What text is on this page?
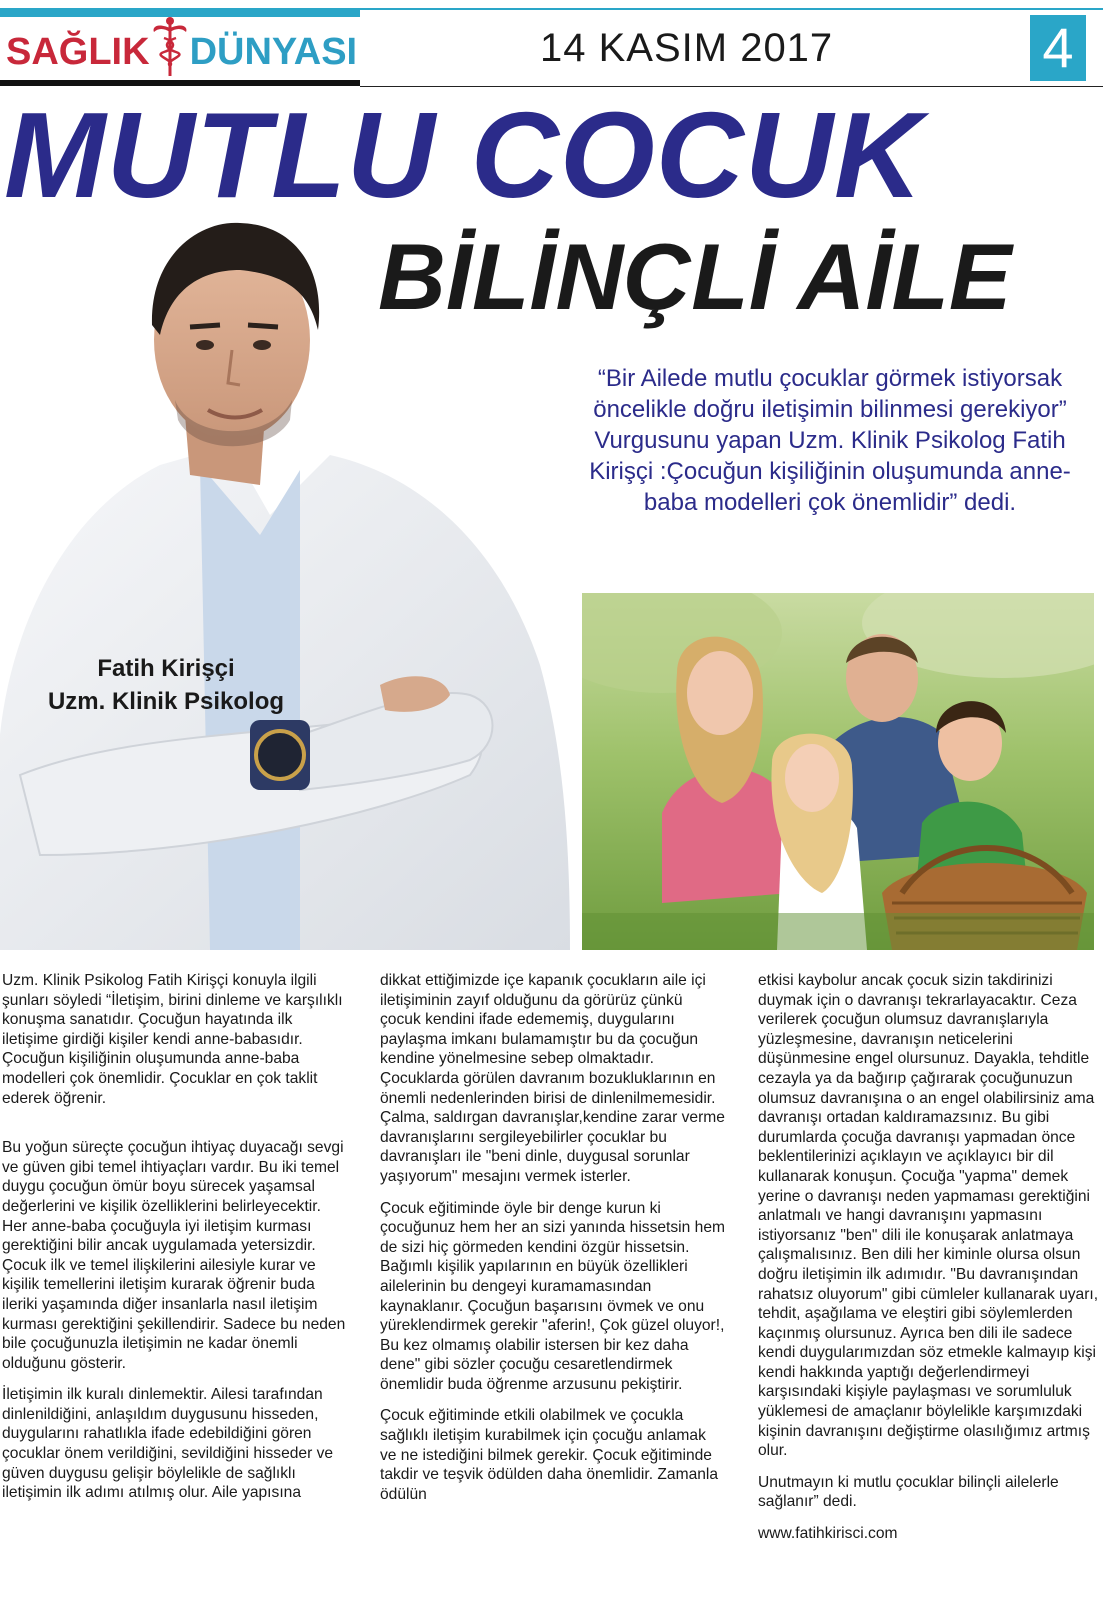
SAĞLIK DÜNYASI	14 KASIM 2017	4
MUTLU COCUK
Fatih Kirişçi
Uzm. Klinik Psikolog
BİLİNÇLİ AİLE
“Bir Ailede mutlu çocuklar görmek istiyorsak öncelikle doğru iletişimin bilinmesi gerekiyor” Vurgusunu yapan Uzm. Klinik Psikolog Fatih Kirişçi :Çocuğun kişiliğinin oluşumunda anne-baba modelleri çok önemlidir” dedi.

Uzm. Klinik Psikolog Fatih Kirişçi konuyla ilgili şunları söyledi “İletişim, birini dinleme ve karşılıklı konuşma sanatıdır. Çocuğun hayatında ilk iletişime girdiği kişiler kendi anne-babasıdır. Çocuğun kişiliğinin oluşumunda anne-baba modelleri çok önemlidir. Çocuklar en çok taklit ederek öğrenir.

Bu yoğun süreçte çocuğun ihtiyaç duyacağı sevgi ve güven gibi temel ihtiyaçları vardır. Bu iki temel duygu çocuğun ömür boyu sürecek yaşamsal değerlerini ve kişilik özelliklerini belirleyecektir. Her anne-baba çocuğuyla iyi iletişim kurması gerektiğini bilir ancak uygulamada yetersizdir. Çocuk ilk ve temel ilişkilerini ailesiyle kurar ve kişilik temellerini iletişim kurarak öğrenir buda ileriki yaşamında diğer insanlarla nasıl iletişim kurması gerektiğini şekillendirir. Sadece bu neden bile çocuğunuzla iletişimin ne kadar önemli olduğunu gösterir.

İletişimin ilk kuralı dinlemektir. Ailesi tarafından dinlenildiğini, anlaşıldım duygusunu hisseden, duygularını rahatlıkla ifade edebildiğini gören çocuklar önem verildiğini, sevildiğini hisseder ve güven duygusu gelişir böylelikle de sağlıklı iletişimin ilk adımı atılmış olur. Aile yapısına

dikkat ettiğimizde içe kapanık çocukların aile içi iletişiminin zayıf olduğunu da görürüz çünkü çocuk kendini ifade edememiş, duygularını paylaşma imkanı bulamamıştır bu da çocuğun kendine yönelmesine sebep olmaktadır. Çocuklarda görülen davranım bozukluklarının en önemli nedenlerinden birisi de dinlenilmemesidir. Çalma, saldırgan davranışlar,kendine zarar verme davranışlarını sergileyebilirler çocuklar bu davranışları ile "beni dinle, duygusal sorunlar yaşıyorum" mesajını vermek isterler.

Çocuk eğitiminde öyle bir denge kurun ki çocuğunuz hem her an sizi yanında hissetsin hem de sizi hiç görmeden kendini özgür hissetsin. Bağımlı kişilik yapılarının en büyük özellikleri ailelerinin bu dengeyi kuramamasından kaynaklanır. Çocuğun başarısını övmek ve onu yüreklendirmek gerekir "aferin!, Çok güzel oluyor!, Bu kez olmamış olabilir istersen bir kez daha dene" gibi sözler çocuğu cesaretlendirmek önemlidir buda öğrenme arzusunu pekiştirir.

Çocuk eğitiminde etkili olabilmek ve çocukla sağlıklı iletişim kurabilmek için çocuğu anlamak ve ne istediğini bilmek gerekir. Çocuk eğitiminde takdir ve teşvik ödülden daha önemlidir. Zamanla ödülün

etkisi kaybolur ancak çocuk sizin takdirinizi duymak için o davranışı tekrarlayacaktır. Ceza verilerek çocuğun olumsuz davranışlarıyla yüzleşmesine, davranışın neticelerini düşünmesine engel olursunuz. Dayakla, tehditle cezayla ya da bağırıp çağırarak çocuğunuzun olumsuz davranışına o an engel olabilirsiniz ama davranışı ortadan kaldıramazsınız. Bu gibi durumlarda çocuğa davranışı yapmadan önce beklentilerinizi açıklayın ve açıklayıcı bir dil kullanarak konuşun. Çocuğa "yapma" demek yerine o davranışı neden yapmaması gerektiğini anlatmalı ve hangi davranışını yapmasını istiyorsanız "ben" dili ile konuşarak anlatmaya çalışmalısınız. Ben dili her kiminle olursa olsun doğru iletişimin ilk adımıdır. "Bu davranışından rahatsız oluyorum" gibi cümleler kullanarak uyarı, tehdit, aşağılama ve eleştiri gibi söylemlerden kaçınmış olursunuz. Ayrıca ben dili ile sadece kendi duygularımızdan söz etmekle kalmayıp kişi kendi hakkında yaptığı değerlendirmeyi karşısındaki kişiyle paylaşması ve sorumluluk yüklemesi de amaçlanır böylelikle karşımızdaki kişinin davranışını değiştirme olasılığımız artmış olur.

Unutmayın ki mutlu çocuklar bilinçli ailelerle sağlanır” dedi.

www.fatihkirisci.com
